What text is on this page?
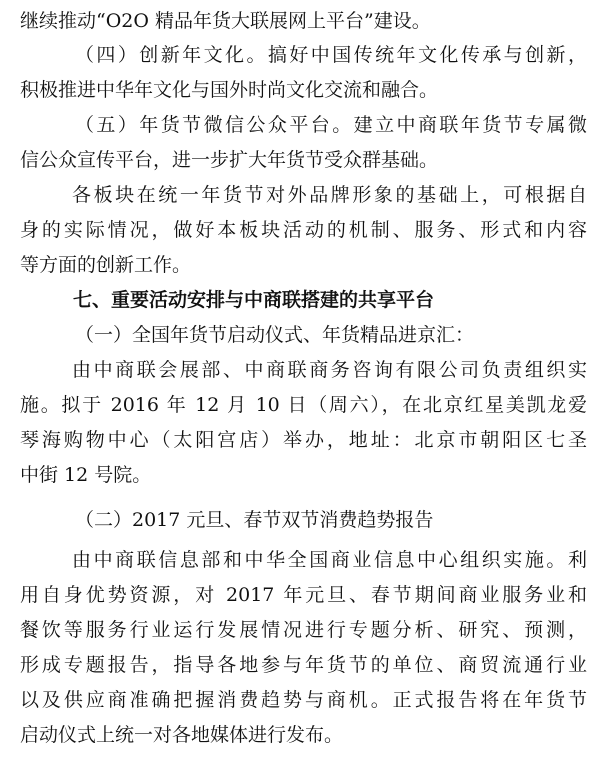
继续推动“O2O 精品年货大联展网上平台”建设。
（四）创新年文化。搞好中国传统年文化传承与创新，
积极推进中华年文化与国外时尚文化交流和融合。
（五）年货节微信公众平台。建立中商联年货节专属微
信公众宣传平台，进一步扩大年货节受众群基础。
各板块在统一年货节对外品牌形象的基础上，可根据自
身的实际情况，做好本板块活动的机制、服务、形式和内容
等方面的创新工作。
七、重要活动安排与中商联搭建的共享平台
（一）全国年货节启动仪式、年货精品进京汇：
由中商联会展部、中商联商务咨询有限公司负责组织实
施。拟于 2016 年 12 月 10 日（周六），在北京红星美凯龙爱
琴海购物中心（太阳宫店）举办，地址：北京市朝阳区七圣
中街 12 号院。
（二）2017 元旦、春节双节消费趋势报告
由中商联信息部和中华全国商业信息中心组织实施。利
用自身优势资源，对 2017 年元旦、春节期间商业服务业和
餐饮等服务行业运行发展情况进行专题分析、研究、预测，
形成专题报告，指导各地参与年货节的单位、商贸流通行业
以及供应商准确把握消费趋势与商机。正式报告将在年货节
启动仪式上统一对各地媒体进行发布。
